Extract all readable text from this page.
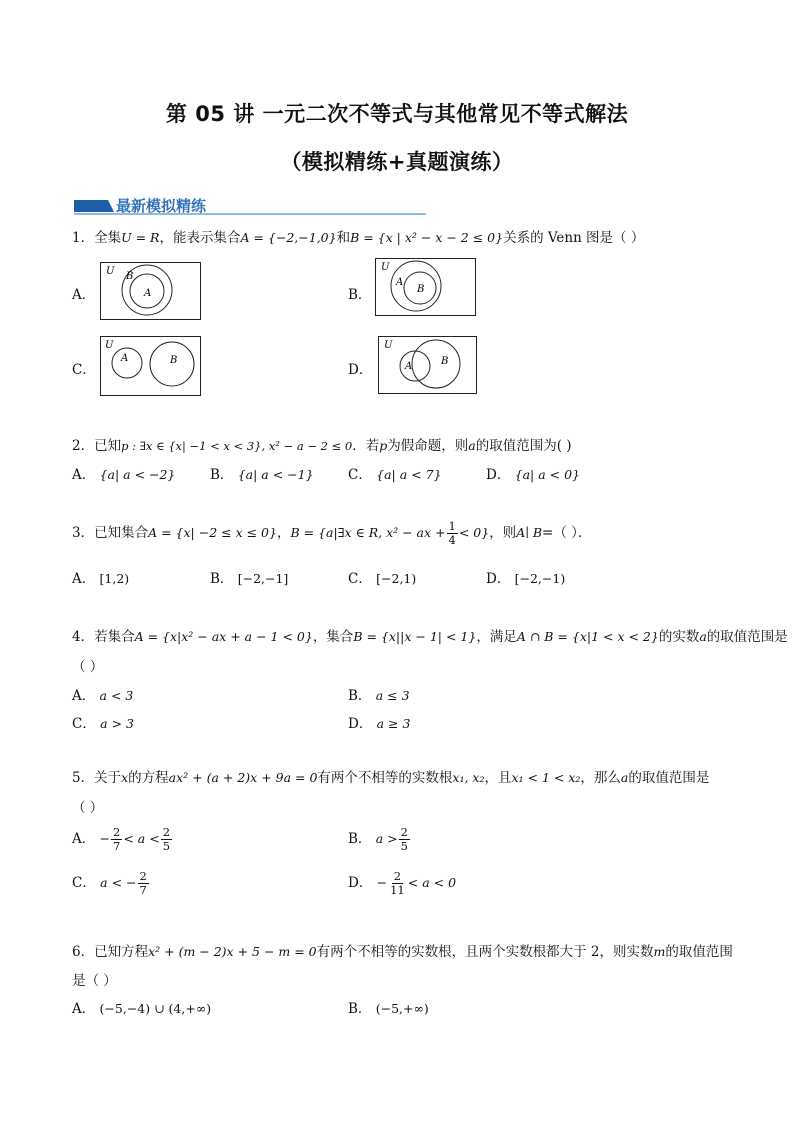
第 05 讲 一元二次不等式与其他常见不等式解法
（模拟精练+真题演练）
最新模拟精练
1．全集U = R，能表示集合A = {−2,−1,0}和B = {x | x² − x − 2 ≤ 0}关系的 Venn 图是（ ）
A．
U B
A	B．
U
A
B
C．
U
A	B
D．
U
A	B
2．已知p : ∃x ∈ {x| −1 < x < 3}, x² − a − 2 ≤ 0．若p为假命题，则a的取值范围为( )
A． {a| a < −2}	B． {a| a < −1}	C． {a| a < 7}	D． {a| a < 0}
3．已知集合A = {x| −2 ≤ x ≤ 0}，B = {a|∃x ∈ R, x² − ax + $\frac{1}{4} < 0$}，则A∣ B=（ ）．
A． [1,2)	B． [−2,−1]	C． [−2,1)	D． [−2,−1)
4．若集合A = {x|x² − ax + a − 1 < 0}，集合B = {x||x − 1| < 1}，满足A ∩ B = {x|1 < x < 2}的实数a的取值范围是
（ ）
A． a < 3	B． a ≤ 3
C． a > 3	D． a ≥ 3
5．关于x的方程ax² + (a + 2)x + 9a = 0有两个不相等的实数根x₁, x₂，且x₁ < 1 < x₂，那么a的取值范围是
（ ）
A． − $\frac{2}{7} < a < \frac{2}{5}$	B． $a > \frac{2}{5}$
C． a < − $\frac{2}{7}$	D． − $\frac{2}{11} < a < 0$
6．已知方程x² + (m − 2)x + 5 − m = 0有两个不相等的实数根，且两个实数根都大于 2，则实数m的取值范围
是（ ）
A． (−5,−4) ∪ (4,+∞)	B． (−5,+∞)
